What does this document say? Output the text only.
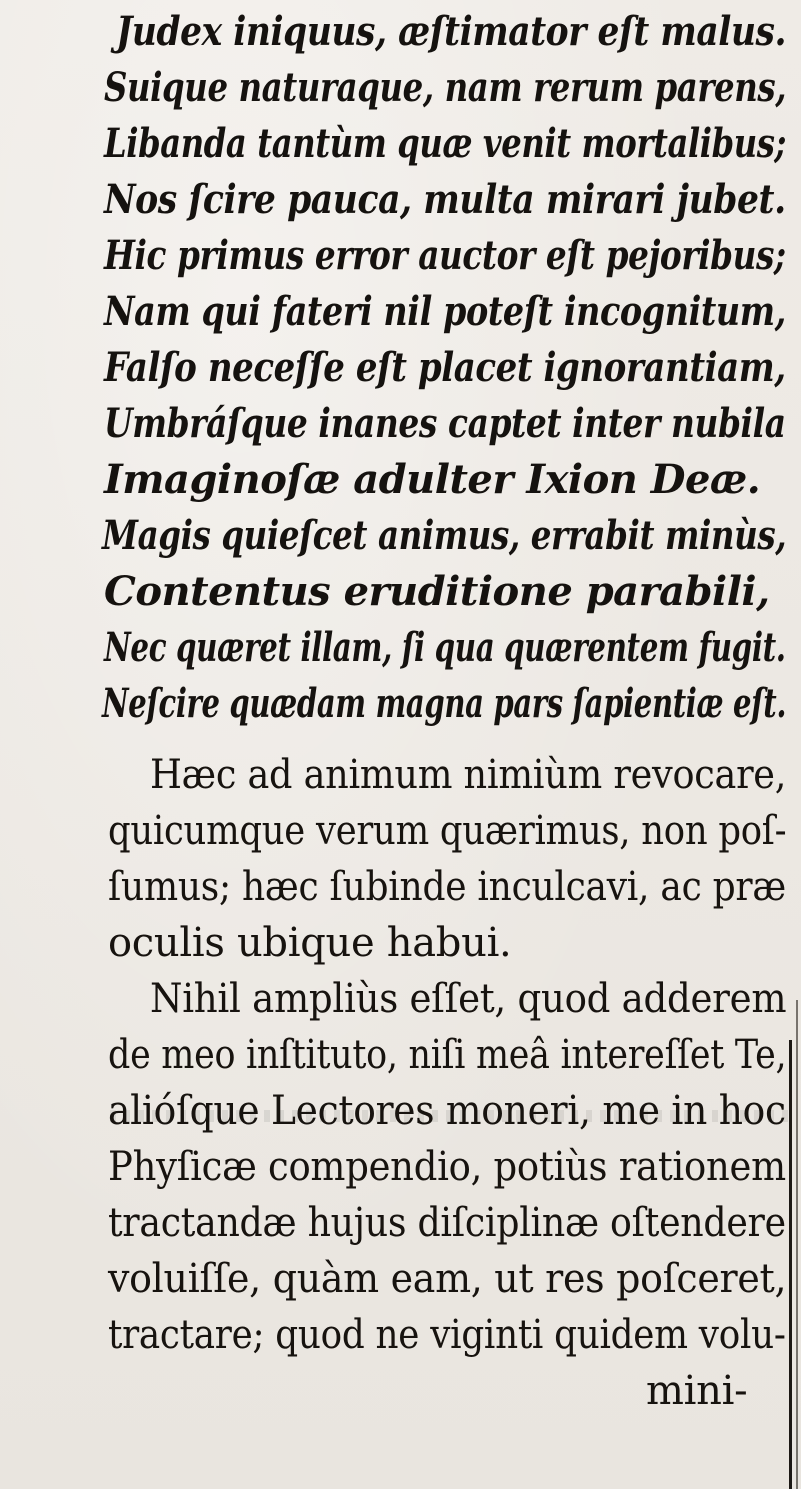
Judex iniquus, æſtimator eſt malus.
Suique naturaque, nam rerum parens,
Libanda tantùm quæ venit mortalibus;
Nos ſcire pauca, multa mirari jubet.
Hic primus error auctor eſt pejoribus;
Nam qui fateri nil poteſt incognitum,
Falſo neceſſe eſt placet ignorantiam,
Umbráſque inanes captet inter nubila
Imaginoſæ adulter Ixion Deæ.
Magis quieſcet animus, errabit minùs,
Contentus eruditione parabili,
Nec quæret illam, ſi qua quærentem fugit.
Neſcire quædam magna pars ſapientiæ eſt.
Hæc ad animum nimiùm revocare,
quicumque verum quærimus, non poſ-
ſumus; hæc ſubinde inculcavi, ac præ
oculis ubique habui.
Nihil ampliùs eſſet, quod adderem
de meo inſtituto, niſi meâ intereſſet Te,
alióſque Lectores moneri, me in hoc
Phyſicæ compendio, potiùs rationem
tractandæ hujus diſciplinæ oſtendere
voluiſſe, quàm eam, ut res poſceret,
tractare; quod ne viginti quidem volu-
mini-
